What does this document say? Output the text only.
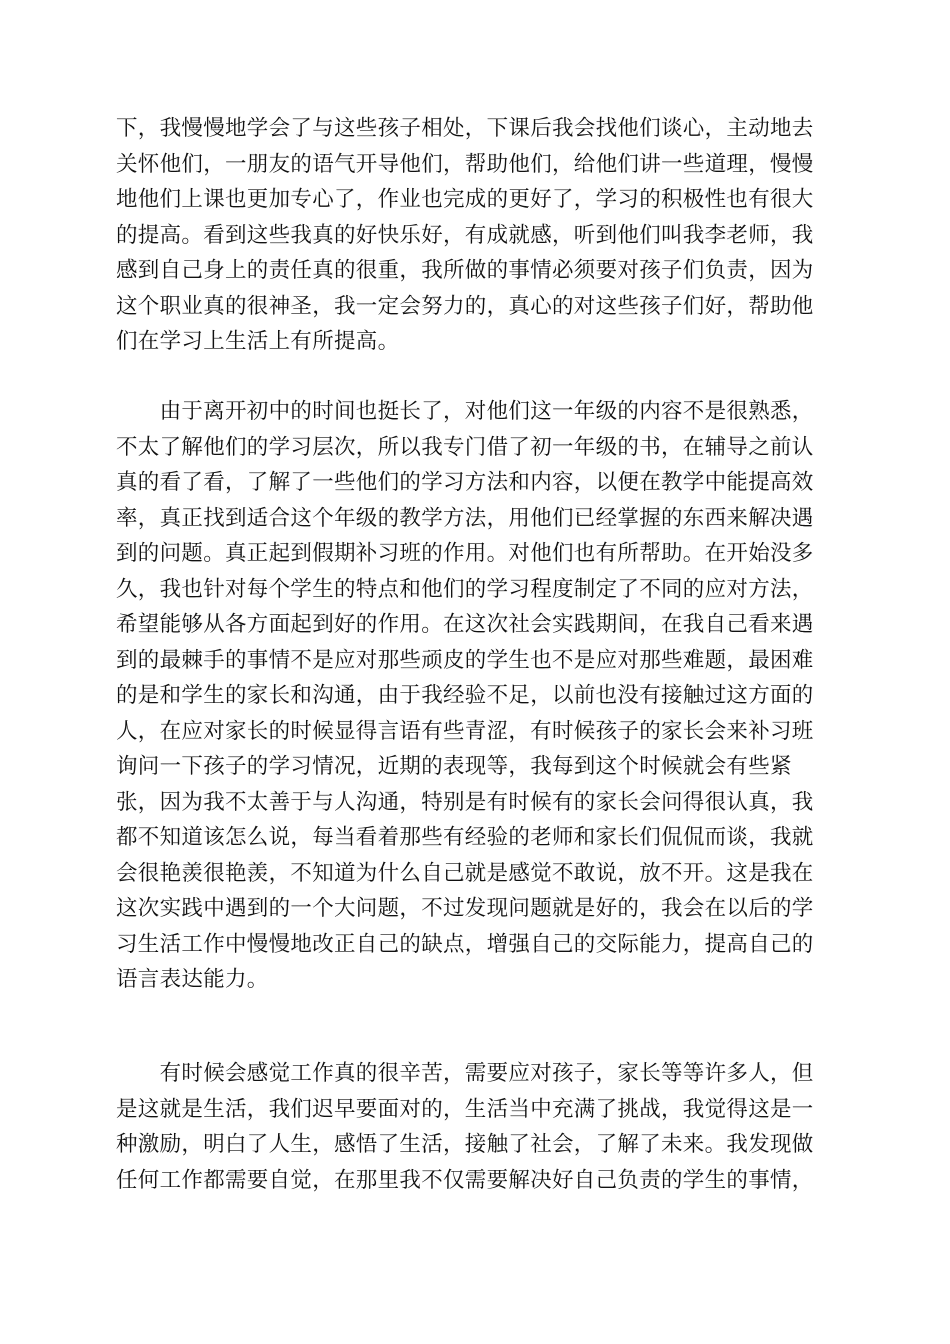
下，我慢慢地学会了与这些孩子相处，下课后我会找他们谈心，主动地去
关怀他们，一朋友的语气开导他们，帮助他们，给他们讲一些道理，慢慢
地他们上课也更加专心了，作业也完成的更好了，学习的积极性也有很大
的提高。看到这些我真的好快乐好，有成就感，听到他们叫我李老师，我
感到自己身上的责任真的很重，我所做的事情必须要对孩子们负责，因为
这个职业真的很神圣，我一定会努力的，真心的对这些孩子们好，帮助他
们在学习上生活上有所提高。
　　由于离开初中的时间也挺长了，对他们这一年级的内容不是很熟悉，
不太了解他们的学习层次，所以我专门借了初一年级的书，在辅导之前认
真的看了看，了解了一些他们的学习方法和内容，以便在教学中能提高效
率，真正找到适合这个年级的教学方法，用他们已经掌握的东西来解决遇
到的问题。真正起到假期补习班的作用。对他们也有所帮助。在开始没多
久，我也针对每个学生的特点和他们的学习程度制定了不同的应对方法，
希望能够从各方面起到好的作用。在这次社会实践期间，在我自己看来遇
到的最棘手的事情不是应对那些顽皮的学生也不是应对那些难题，最困难
的是和学生的家长和沟通，由于我经验不足，以前也没有接触过这方面的
人，在应对家长的时候显得言语有些青涩，有时候孩子的家长会来补习班
询问一下孩子的学习情况，近期的表现等，我每到这个时候就会有些紧
张，因为我不太善于与人沟通，特别是有时候有的家长会问得很认真，我
都不知道该怎么说，每当看着那些有经验的老师和家长们侃侃而谈，我就
会很艳羡很艳羡，不知道为什么自己就是感觉不敢说，放不开。这是我在
这次实践中遇到的一个大问题，不过发现问题就是好的，我会在以后的学
习生活工作中慢慢地改正自己的缺点，增强自己的交际能力，提高自己的
语言表达能力。
　　有时候会感觉工作真的很辛苦，需要应对孩子，家长等等许多人，但
是这就是生活，我们迟早要面对的，生活当中充满了挑战，我觉得这是一
种激励，明白了人生，感悟了生活，接触了社会，了解了未来。我发现做
任何工作都需要自觉，在那里我不仅需要解决好自己负责的学生的事情，
